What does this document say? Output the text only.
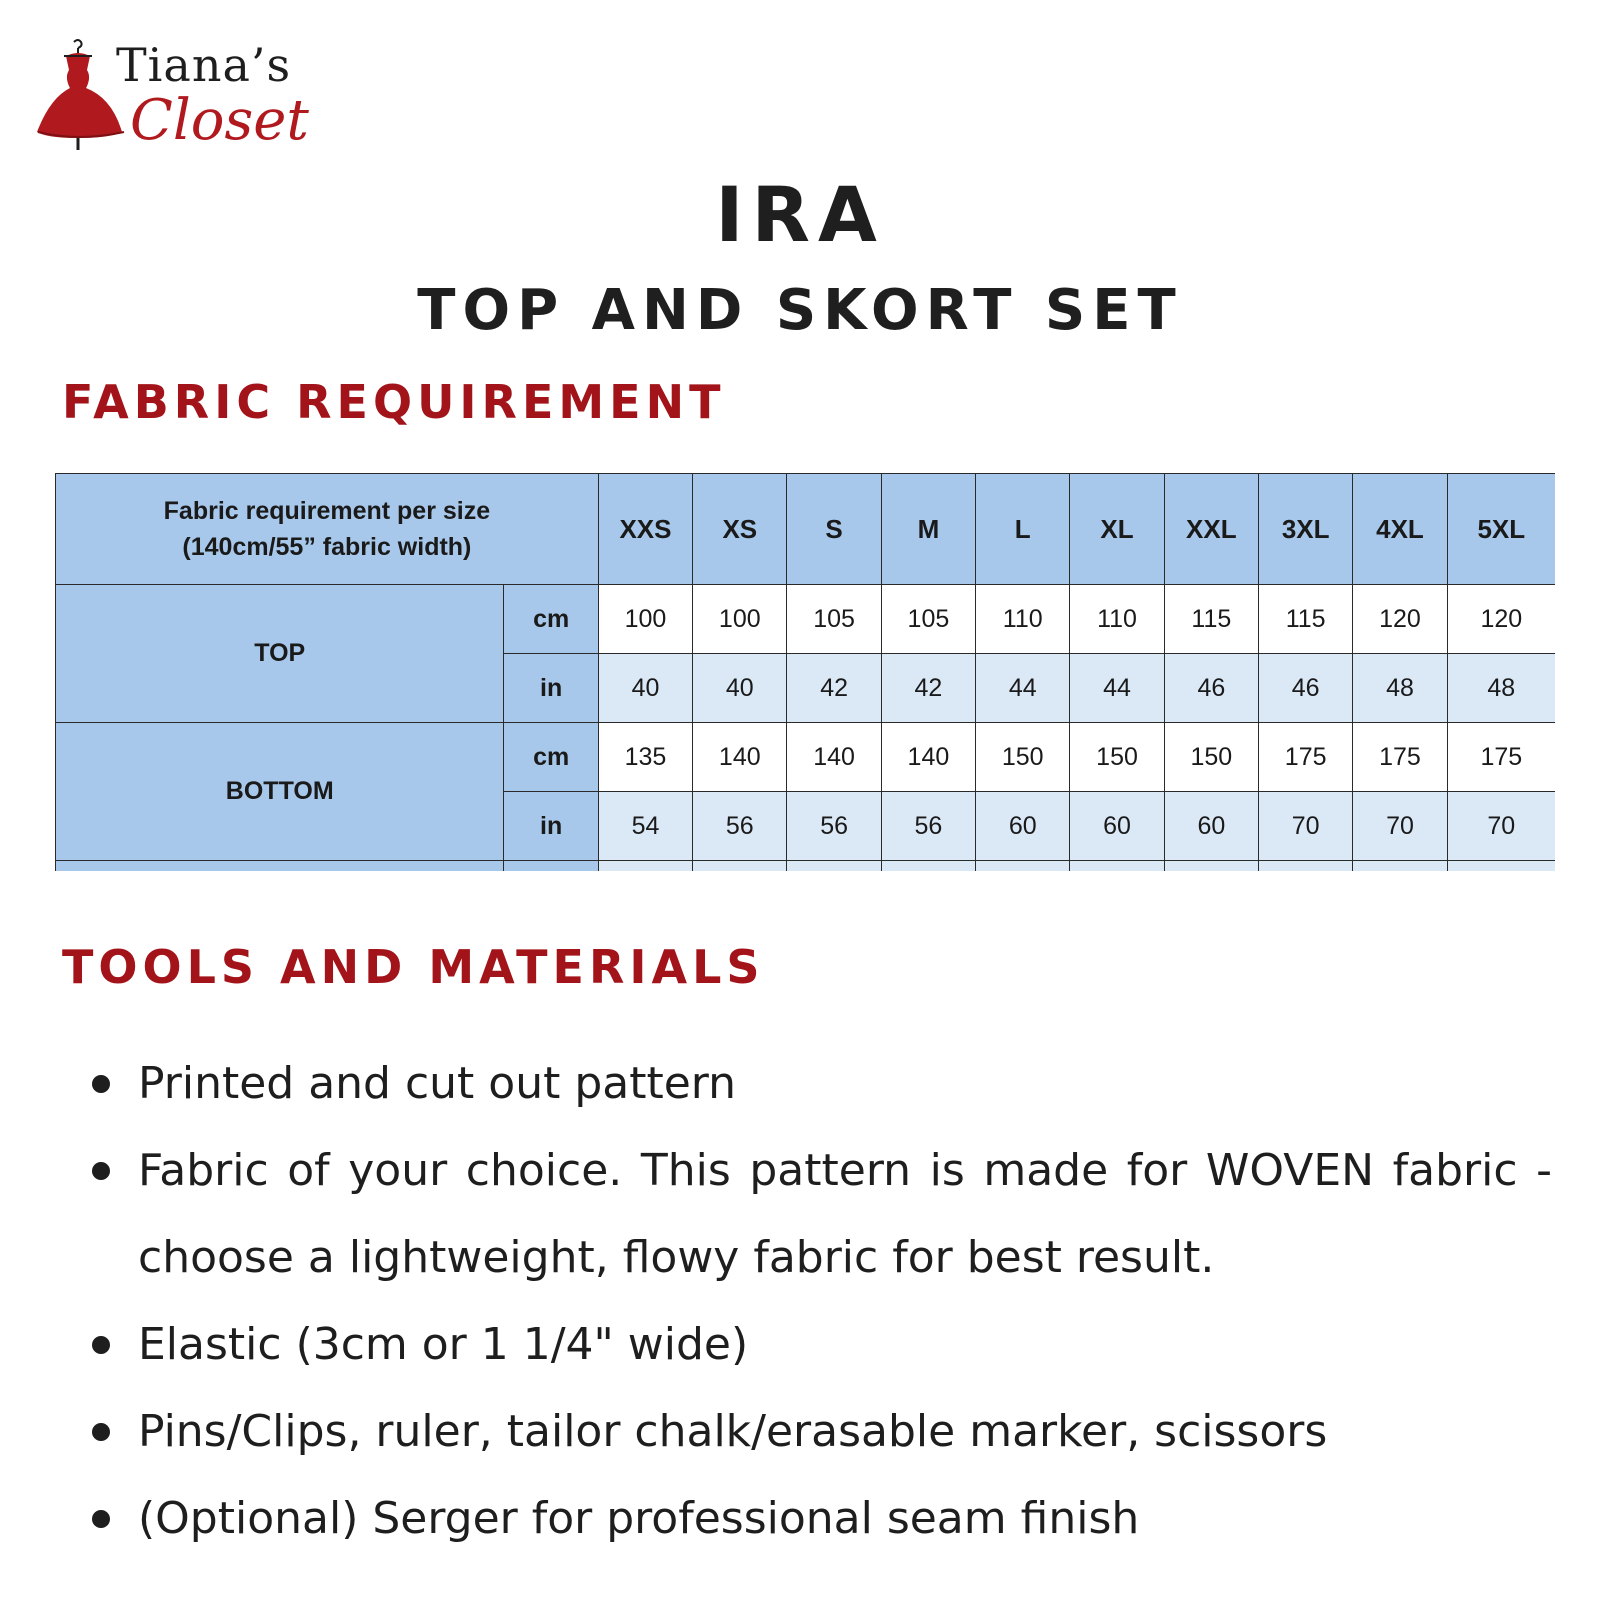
Tiana’s
Closet
IRA
TOP AND SKORT SET
FABRIC REQUIREMENT
Fabric requirement per size
(140cm/55” fabric width)		XXS	XS	S	M	L	XL	XXL	3XL	4XL	5XL
TOP	cm	100	100	105	105	110	110	115	115	120	120
	in	40	40	42	42	44	44	46	46	48	48
BOTTOM	cm	135	140	140	140	150	150	150	175	175	175
	in	54	56	56	56	60	60	60	70	70	70

TOOLS AND MATERIALS
Printed and cut out pattern
Fabric of your choice. This pattern is made for WOVEN fabric - choose a lightweight, flowy fabric for best result.
Elastic (3cm or 1 1/4" wide)
Pins/Clips, ruler, tailor chalk/erasable marker, scissors
(Optional) Serger for professional seam finish
